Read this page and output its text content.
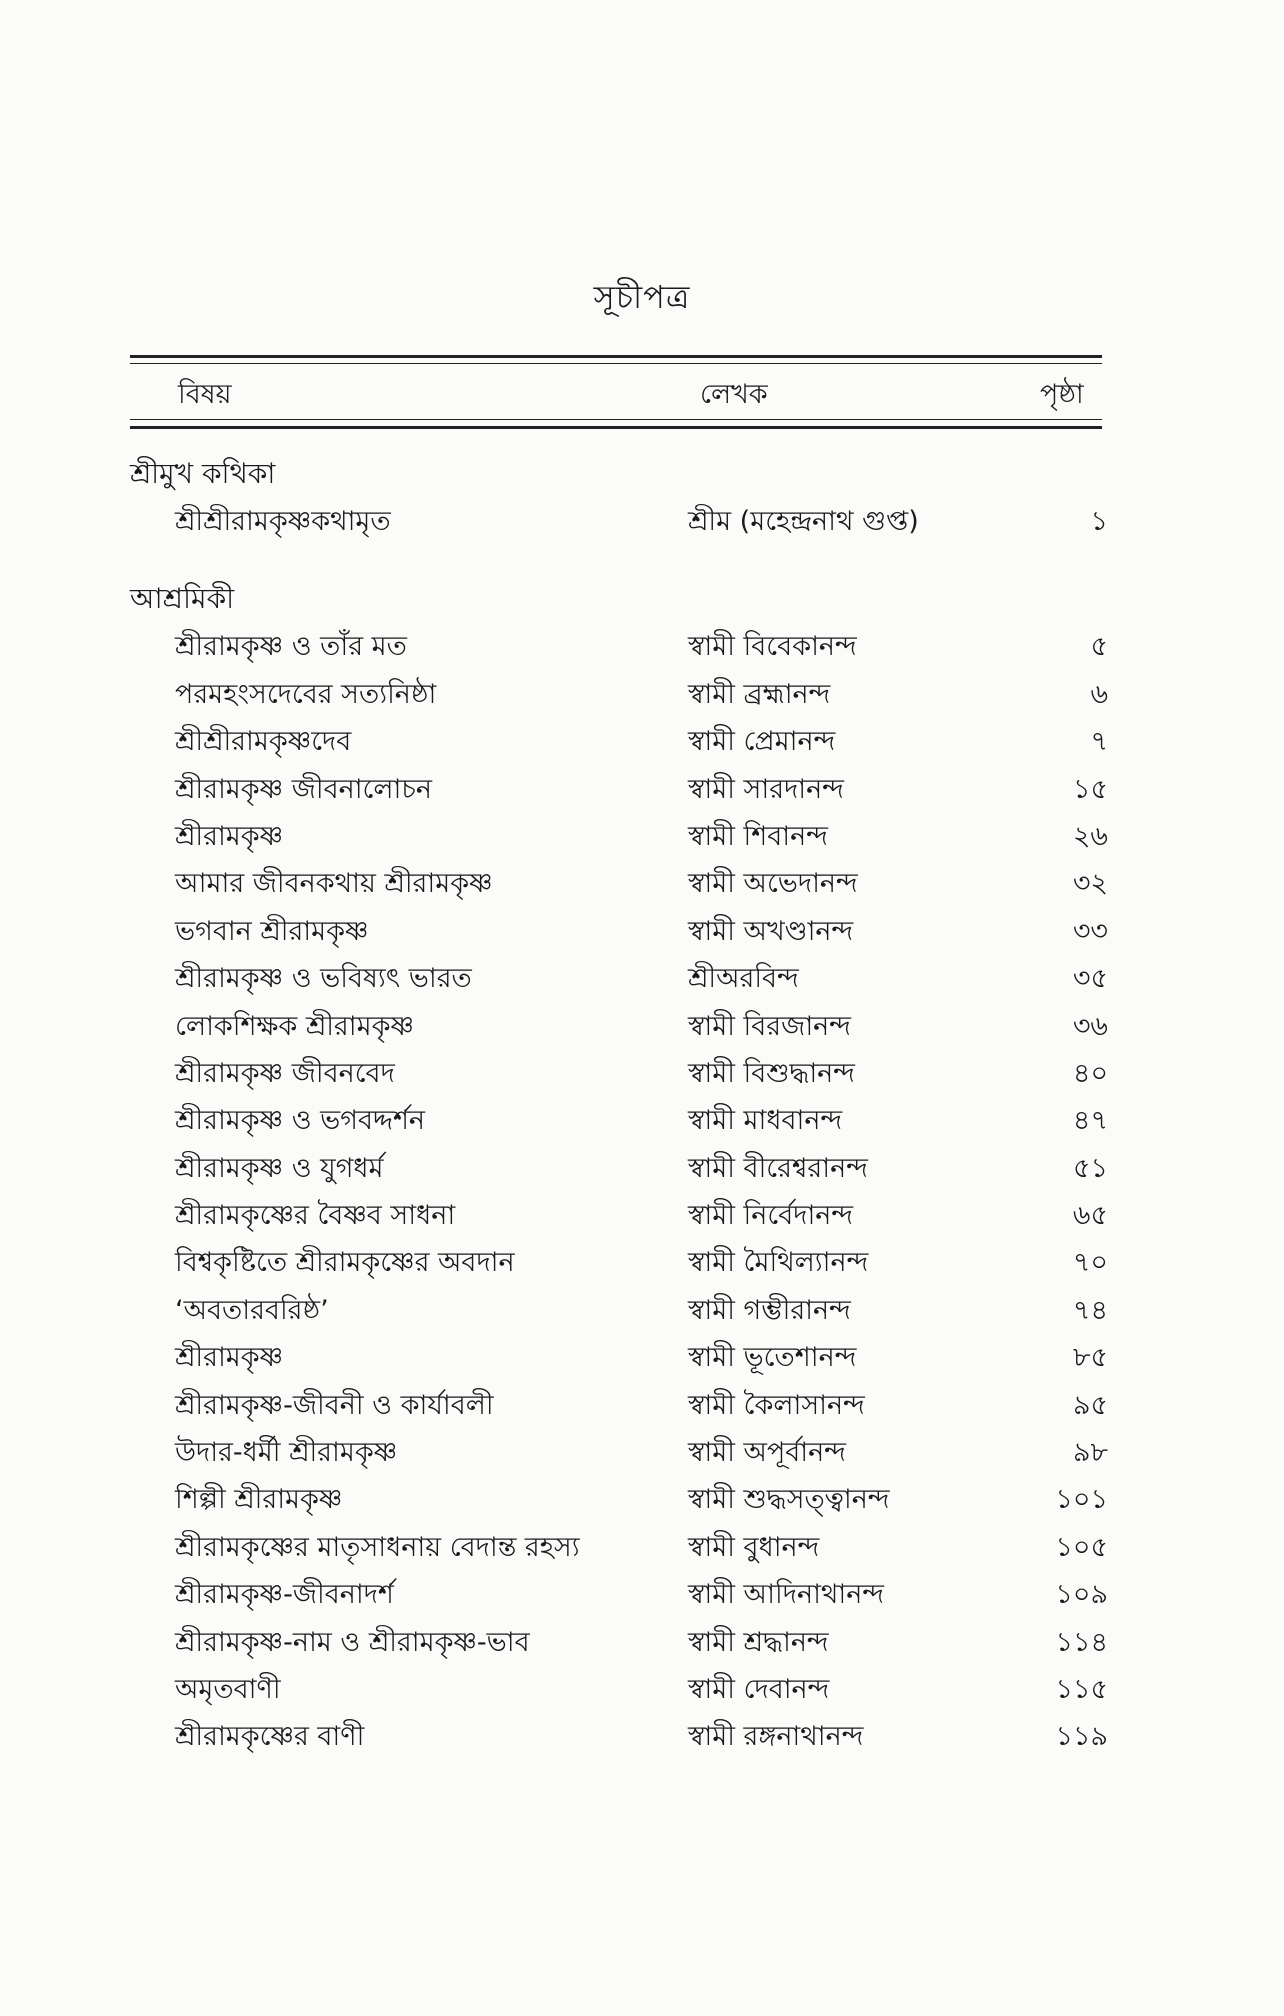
সূচীপত্র
বিষয়	লেখক	পৃষ্ঠা
শ্রীমুখ কথিকা
শ্রীশ্রীরামকৃষ্ণকথামৃত	শ্রীম (মহেন্দ্রনাথ গুপ্ত)	১
আশ্রমিকী
শ্রীরামকৃষ্ণ ও তাঁর মত	স্বামী বিবেকানন্দ	৫
পরমহংসদেবের সত্যনিষ্ঠা	স্বামী ব্রহ্মানন্দ	৬
শ্রীশ্রীরামকৃষ্ণদেব	স্বামী প্রেমানন্দ	৭
শ্রীরামকৃষ্ণ জীবনালোচন	স্বামী সারদানন্দ	১৫
শ্রীরামকৃষ্ণ	স্বামী শিবানন্দ	২৬
আমার জীবনকথায় শ্রীরামকৃষ্ণ	স্বামী অভেদানন্দ	৩২
ভগবান শ্রীরামকৃষ্ণ	স্বামী অখণ্ডানন্দ	৩৩
শ্রীরামকৃষ্ণ ও ভবিষ্যৎ ভারত	শ্রীঅরবিন্দ	৩৫
লোকশিক্ষক শ্রীরামকৃষ্ণ	স্বামী বিরজানন্দ	৩৬
শ্রীরামকৃষ্ণ জীবনবেদ	স্বামী বিশুদ্ধানন্দ	৪০
শ্রীরামকৃষ্ণ ও ভগবদ্দর্শন	স্বামী মাধবানন্দ	৪৭
শ্রীরামকৃষ্ণ ও যুগধর্ম	স্বামী বীরেশ্বরানন্দ	৫১
শ্রীরামকৃষ্ণের বৈষ্ণব সাধনা	স্বামী নির্বেদানন্দ	৬৫
বিশ্বকৃষ্টিতে শ্রীরামকৃষ্ণের অবদান	স্বামী মৈথিল্যানন্দ	৭০
‘অবতারবরিষ্ঠ’	স্বামী গম্ভীরানন্দ	৭৪
শ্রীরামকৃষ্ণ	স্বামী ভূতেশানন্দ	৮৫
শ্রীরামকৃষ্ণ-জীবনী ও কার্যাবলী	স্বামী কৈলাসানন্দ	৯৫
উদার-ধর্মী শ্রীরামকৃষ্ণ	স্বামী অপূর্বানন্দ	৯৮
শিল্পী শ্রীরামকৃষ্ণ	স্বামী শুদ্ধসত্ত্বানন্দ	১০১
শ্রীরামকৃষ্ণের মাতৃসাধনায় বেদান্ত রহস্য	স্বামী বুধানন্দ	১০৫
শ্রীরামকৃষ্ণ-জীবনাদর্শ	স্বামী আদিনাথানন্দ	১০৯
শ্রীরামকৃষ্ণ-নাম ও শ্রীরামকৃষ্ণ-ভাব	স্বামী শ্রদ্ধানন্দ	১১৪
অমৃতবাণী	স্বামী দেবানন্দ	১১৫
শ্রীরামকৃষ্ণের বাণী	স্বামী রঙ্গনাথানন্দ	১১৯
